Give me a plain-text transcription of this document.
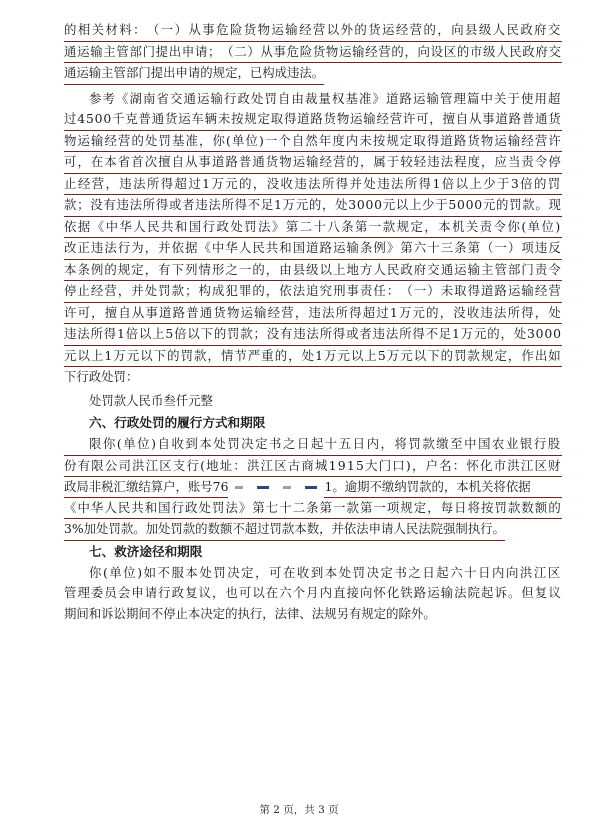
的 相 关 材 料 ： （ 一 ） 从 事 危 险 货 物 运 输 经 营 以 外 的 货 运 经 营 的 ， 向 县 级 人 民 政 府 交
通 运 输 主 管 部 门 提 出 申 请 ； （ 二 ） 从 事 危 险 货 物 运 输 经 营 的 ， 向 设 区 的 市 级 人 民 政 府 交
通运输主管部门提出申请的规定，已构成违法。
参 考 《 湖 南 省 交 通 运 输 行 政 处 罚 自 由 裁 量 权 基 准 》 道 路 运 输 管 理 篇 中 关 于 使 用 超
过 4 5 0 0 千 克 普 通 货 运 车 辆 未 按 规 定 取 得 道 路 货 物 运 输 经 营 许 可 ， 擅 自 从 事 道 路 普 通 货
物 运 输 经 营 的 处 罚 基 准 ， 你 ( 单 位 ) 一 个 自 然 年 度 内 未 按 规 定 取 得 道 路 货 物 运 输 经 营 许
可 ， 在 本 省 首 次 擅 自 从 事 道 路 普 通 货 物 运 输 经 营 的 ， 属 于 较 轻 违 法 程 度 ， 应 当 责 令 停
止 经 营 ， 违 法 所 得 超 过 1 万 元 的 ， 没 收 违 法 所 得 并 处 违 法 所 得 1 倍 以 上 少 于 3 倍 的 罚
款 ； 没 有 违 法 所 得 或 者 违 法 所 得 不 足 1 万 元 的 ， 处 3 0 0 0 元 以 上 少 于 5 0 0 0 元 的 罚 款 。 现
依 据 《 中 华 人 民 共 和 国 行 政 处 罚 法 》 第 二 十 八 条 第 一 款 规 定 ， 本 机 关 责 令 你 ( 单 位 )
改 正 违 法 行 为 ， 并 依 据 《 中 华 人 民 共 和 国 道 路 运 输 条 例 》 第 六 十 三 条 第 （ 一 ） 项 违 反
本 条 例 的 规 定 ， 有 下 列 情 形 之 一 的 ， 由 县 级 以 上 地 方 人 民 政 府 交 通 运 输 主 管 部 门 责 令
停 止 经 营 ， 并 处 罚 款 ； 构 成 犯 罪 的 ， 依 法 追 究 刑 事 责 任 ： （ 一 ） 未 取 得 道 路 运 输 经 营
许 可 ， 擅 自 从 事 道 路 普 通 货 物 运 输 经 营 ， 违 法 所 得 超 过 1 万 元 的 ， 没 收 违 法 所 得 ， 处
违 法 所 得 1 倍 以 上 5 倍 以 下 的 罚 款 ； 没 有 违 法 所 得 或 者 违 法 所 得 不 足 1 万 元 的 ， 处 3 0 0 0
元 以 上 1 万 元 以 下 的 罚 款 ， 情 节 严 重 的 ， 处 1 万 元 以 上 5 万 元 以 下 的 罚 款 规 定 ， 作 出 如
下行政处罚：
处罚款人民币叁仟元整
六、行政处罚的履行方式和期限
限 你 ( 单 位 ) 自 收 到 本 处 罚 决 定 书 之 日 起 十 五 日 内 ， 将 罚 款 缴 至 中 国 农 业 银 行 股
份 有 限 公 司 洪 江 区 支 行 ( 地 址 ： 洪 江 区 古 商 城 1 9 1 5 大 门 口 ) ， 户 名 ： 怀 化 市 洪 江 区 财
政局非税汇缴结算户，账号76	1。逾期不缴纳罚款的，本机关将依据
《 中 华 人 民 共 和 国 行 政 处 罚 法 》 第 七 十 二 条 第 一 款 第 一 项 规 定 ， 每 日 将 按 罚 款 数 额 的
3%加处罚款。加处罚款的数额不超过罚款本数，并依法申请人民法院强制执行。
七、救济途径和期限
你 ( 单 位 ) 如 不 服 本 处 罚 决 定 ， 可 在 收 到 本 处 罚 决 定 书 之 日 起 六 十 日 内 向 洪 江 区
管 理 委 员 会 申 请 行 政 复 议 ， 也 可 以 在 六 个 月 内 直 接 向 怀 化 铁 路 运 输 法 院 起 诉 。 但 复 议
期间和诉讼期间不停止本决定的执行，法律、法规另有规定的除外。
第 2 页，共 3 页
